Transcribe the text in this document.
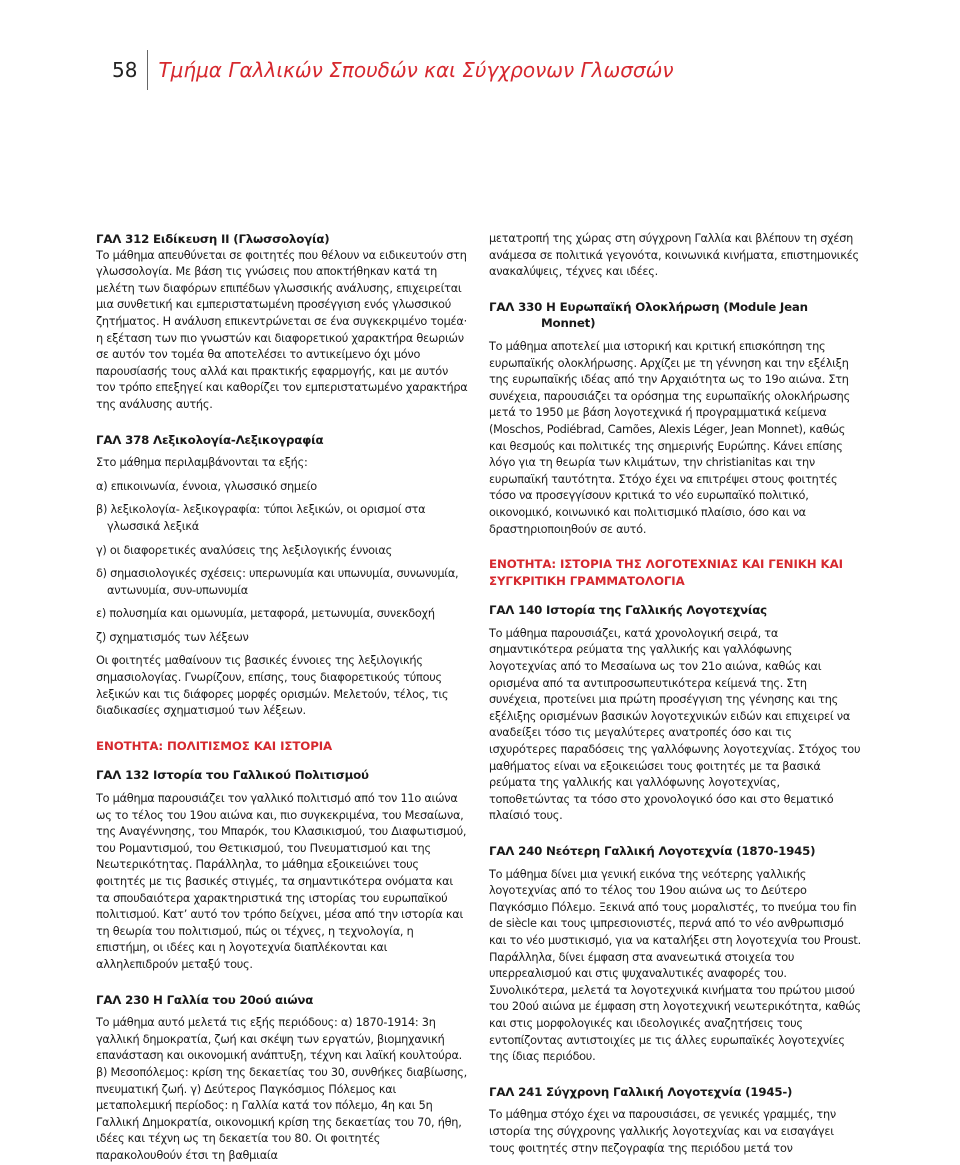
58	Τμήμα Γαλλικών Σπουδών και Σύγχρονων Γλωσσών

ΓΑΛ 312 Ειδίκευση ΙΙ (Γλωσσολογία)

Το μάθημα απευθύνεται σε φοιτητές που θέλουν να ειδικευτούν στη γλωσσολογία. Με βάση τις γνώσεις που αποκτήθηκαν κατά τη μελέτη των διαφόρων επιπέδων γλωσσικής ανάλυσης, επιχειρείται μια συνθετική και εμπεριστατωμένη προσέγγιση ενός γλωσσικού ζητήματος. Η ανάλυση επικεντρώνεται σε ένα συγκεκριμένο τομέα· η εξέταση των πιο γνωστών και διαφορετικού χαρακτήρα θεωριών σε αυτόν τον τομέα θα αποτελέσει το αντικείμενο όχι μόνο παρουσίασής τους αλλά και πρακτικής εφαρμογής, και με αυτόν τον τρόπο επεξηγεί και καθορίζει τον εμπεριστατωμένο χαρακτήρα της ανάλυσης αυτής.

ΓΑΛ 378 Λεξικολογία-Λεξικογραφία

Στο μάθημα περιλαμβάνονται τα εξής:

α) επικοινωνία, έννοια, γλωσσικό σημείο

β) λεξικολογία- λεξικογραφία: τύποι λεξικών, οι ορισμοί στα γλωσσικά λεξικά

γ) οι διαφορετικές αναλύσεις της λεξιλογικής έννοιας

δ) σημασιολογικές σχέσεις: υπερωνυμία και υπωνυμία, συνωνυμία, αντωνυμία, συν-υπωνυμία

ε) πολυσημία και ομωνυμία, μεταφορά, μετωνυμία, συνεκδοχή

ζ) σχηματισμός των λέξεων

Οι φοιτητές μαθαίνουν τις βασικές έννοιες της λεξιλογικής σημασιολογίας. Γνωρίζουν, επίσης, τους διαφορετικούς τύπους λεξικών και τις διάφορες μορφές ορισμών. Μελετούν, τέλος, τις διαδικασίες σχηματισμού των λέξεων.

ΕΝΟΤΗΤΑ: ΠΟΛΙΤΙΣΜΟΣ ΚΑΙ ΙΣΤΟΡΙΑ

ΓΑΛ 132 Ιστορία του Γαλλικού Πολιτισμού

Το μάθημα παρουσιάζει τον γαλλικό πολιτισμό από τον 11ο αιώνα ως το τέλος του 19ου αιώνα και, πιο συγκεκριμένα, του Μεσαίωνα, της Αναγέννησης, του Μπαρόκ, του Κλασικισμού, του Διαφωτισμού, του Ρομαντισμού, του Θετικισμού, του Πνευματισμού και της Νεωτερικότητας. Παράλληλα, το μάθημα εξοικειώνει τους φοιτητές με τις βασικές στιγμές, τα σημαντικότερα ονόματα και τα σπουδαιότερα χαρακτηριστικά της ιστορίας του ευρωπαϊκού πολιτισμού. Κατ’ αυτό τον τρόπο δείχνει, μέσα από την ιστορία και τη θεωρία του πολιτισμού, πώς οι τέχνες, η τεχνολογία, η επιστήμη, οι ιδέες και η λογοτεχνία διαπλέκονται και αλληλεπιδρούν μεταξύ τους.

ΓΑΛ 230 Η Γαλλία του 20ού αιώνα

Το μάθημα αυτό μελετά τις εξής περιόδους: α) 1870-1914: 3η γαλλική δημοκρατία, ζωή και σκέψη των εργατών, βιομηχανική επανάσταση και οικονομική ανάπτυξη, τέχνη και λαϊκή κουλτούρα. β) Μεσοπόλεμος: κρίση της δεκαετίας του 30, συνθήκες διαβίωσης, πνευματική ζωή. γ) Δεύτερος Παγκόσμιος Πόλεμος και μεταπολεμική περίοδος: η Γαλλία κατά τον πόλεμο, 4η και 5η Γαλλική Δημοκρατία, οικονομική κρίση της δεκαετίας του 70, ήθη, ιδέες και τέχνη ως τη δεκαετία του 80. Οι φοιτητές παρακολουθούν έτσι τη βαθμιαία

μετατροπή της χώρας στη σύγχρονη Γαλλία και βλέπουν τη σχέση ανάμεσα σε πολιτικά γεγονότα, κοινωνικά κινήματα, επιστημονικές ανακαλύψεις, τέχνες και ιδέες.

ΓΑΛ 330 Η Ευρωπαϊκή Ολοκλήρωση (Module Jean Monnet)

Το μάθημα αποτελεί μια ιστορική και κριτική επισκόπηση της ευρωπαϊκής ολοκλήρωσης. Αρχίζει με τη γέννηση και την εξέλιξη της ευρωπαϊκής ιδέας από την Αρχαιότητα ως το 19ο αιώνα. Στη συνέχεια, παρουσιάζει τα ορόσημα της ευρωπαϊκής ολοκλήρωσης μετά το 1950 με βάση λογοτεχνικά ή προγραμματικά κείμενα (Moschos, Podiébrad, Camões, Alexis Léger, Jean Monnet), καθώς και θεσμούς και πολιτικές της σημερινής Ευρώπης. Κάνει επίσης λόγο για τη θεωρία των κλιμάτων, την christianitas και την ευρωπαϊκή ταυτότητα. Στόχο έχει να επιτρέψει στους φοιτητές τόσο να προσεγγίσουν κριτικά το νέο ευρωπαϊκό πολιτικό, οικονομικό, κοινωνικό και πολιτισμικό πλαίσιο, όσο και να δραστηριοποιηθούν σε αυτό.

ΕΝΟΤΗΤΑ: ΙΣΤΟΡΙΑ ΤΗΣ ΛΟΓΟΤΕΧΝΙΑΣ ΚΑΙ ΓΕΝΙΚΗ ΚΑΙ ΣΥΓΚΡΙΤΙΚΗ ΓΡΑΜΜΑΤΟΛΟΓΙΑ

ΓΑΛ 140 Ιστορία της Γαλλικής Λογοτεχνίας

Το μάθημα παρουσιάζει, κατά χρονολογική σειρά, τα σημαντικότερα ρεύματα της γαλλικής και γαλλόφωνης λογοτεχνίας από το Μεσαίωνα ως τον 21ο αιώνα, καθώς και ορισμένα από τα αντιπροσωπευτικότερα κείμενά της. Στη συνέχεια, προτείνει μια πρώτη προσέγγιση της γένησης και της εξέλιξης ορισμένων βασικών λογοτεχνικών ειδών και επιχειρεί να αναδείξει τόσο τις μεγαλύτερες ανατροπές όσο και τις ισχυρότερες παραδόσεις της γαλλόφωνης λογοτεχνίας. Στόχος του μαθήματος είναι να εξοικειώσει τους φοιτητές με τα βασικά ρεύματα της γαλλικής και γαλλόφωνης λογοτεχνίας, τοποθετώντας τα τόσο στο χρονολογικό όσο και στο θεματικό πλαίσιό τους.

ΓΑΛ 240 Νεότερη Γαλλική Λογοτεχνία (1870-1945)

Το μάθημα δίνει μια γενική εικόνα της νεότερης γαλλικής λογοτεχνίας από το τέλος του 19ου αιώνα ως το Δεύτερο Παγκόσμιο Πόλεμο. Ξεκινά από τους μοραλιστές, το πνεύμα του fin de siècle και τους ιμπρεσιονιστές, περνά από το νέο ανθρωπισμό και το νέο μυστικισμό, για να καταλήξει στη λογοτεχνία του Proust. Παράλληλα, δίνει έμφαση στα ανανεωτικά στοιχεία του υπερρεαλισμού και στις ψυχαναλυτικές αναφορές του. Συνολικότερα, μελετά τα λογοτεχνικά κινήματα του πρώτου μισού του 20ού αιώνα με έμφαση στη λογοτεχνική νεωτερικότητα, καθώς και στις μορφολογικές και ιδεολογικές αναζητήσεις τους εντοπίζοντας αντιστοιχίες με τις άλλες ευρωπαϊκές λογοτεχνίες της ίδιας περιόδου.

ΓΑΛ 241 Σύγχρονη Γαλλική Λογοτεχνία (1945-)

Το μάθημα στόχο έχει να παρουσιάσει, σε γενικές γραμμές, την ιστορία της σύγχρονης γαλλικής λογοτεχνίας και να εισαγάγει τους φοιτητές στην πεζογραφία της περιόδου μετά τον
